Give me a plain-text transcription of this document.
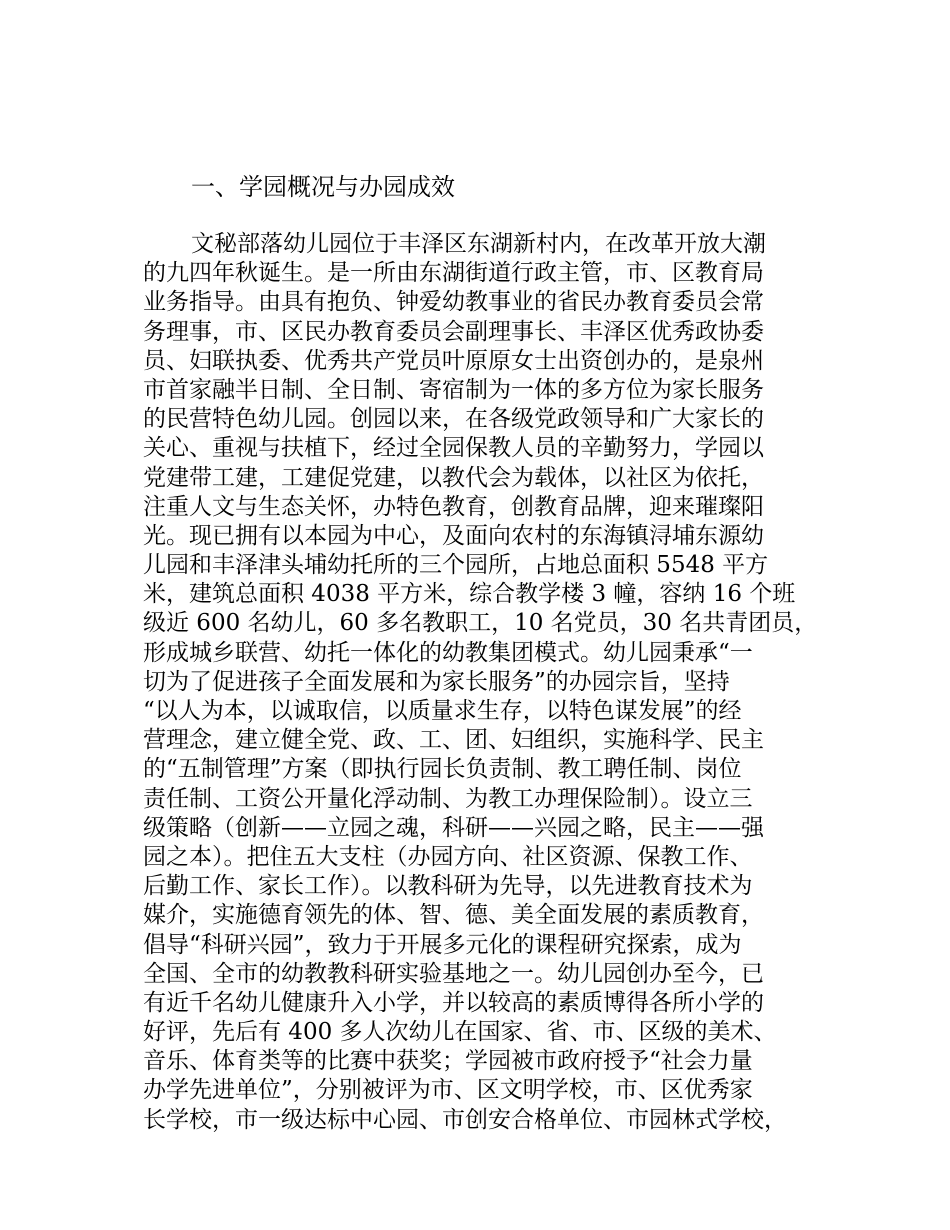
一、学园概况与办园成效
文秘部落幼儿园位于丰泽区东湖新村内，在改革开放大潮
的九四年秋诞生。是一所由东湖街道行政主管，市、区教育局
业务指导。由具有抱负、钟爱幼教事业的省民办教育委员会常
务理事，市、区民办教育委员会副理事长、丰泽区优秀政协委
员、妇联执委、优秀共产党员叶原原女士出资创办的，是泉州
市首家融半日制、全日制、寄宿制为一体的多方位为家长服务
的民营特色幼儿园。创园以来，在各级党政领导和广大家长的
关心、重视与扶植下，经过全园保教人员的辛勤努力，学园以
党建带工建，工建促党建，以教代会为载体，以社区为依托，
注重人文与生态关怀，办特色教育，创教育品牌，迎来璀璨阳
光。现已拥有以本园为中心，及面向农村的东海镇浔埔东源幼
儿园和丰泽津头埔幼托所的三个园所，占地总面积 5548 平方
米，建筑总面积 4038 平方米，综合教学楼 3 幢，容纳 16 个班
级近 600 名幼儿，60 多名教职工，10 名党员，30 名共青团员，
形成城乡联营、幼托一体化的幼教集团模式。幼儿园秉承“一
切为了促进孩子全面发展和为家长服务”的办园宗旨，坚持
“以人为本，以诚取信，以质量求生存，以特色谋发展”的经
营理念，建立健全党、政、工、团、妇组织，实施科学、民主
的“五制管理”方案（即执行园长负责制、教工聘任制、岗位
责任制、工资公开量化浮动制、为教工办理保险制）。设立三
级策略（创新——立园之魂，科研——兴园之略，民主——强
园之本）。把住五大支柱（办园方向、社区资源、保教工作、
后勤工作、家长工作）。以教科研为先导，以先进教育技术为
媒介，实施德育领先的体、智、德、美全面发展的素质教育，
倡导“科研兴园”，致力于开展多元化的课程研究探索，成为
全国、全市的幼教教科研实验基地之一。幼儿园创办至今，已
有近千名幼儿健康升入小学，并以较高的素质博得各所小学的
好评，先后有 400 多人次幼儿在国家、省、市、区级的美术、
音乐、体育类等的比赛中获奖；学园被市政府授予“社会力量
办学先进单位”，分别被评为市、区文明学校，市、区优秀家
长学校，市一级达标中心园、市创安合格单位、市园林式学校，
